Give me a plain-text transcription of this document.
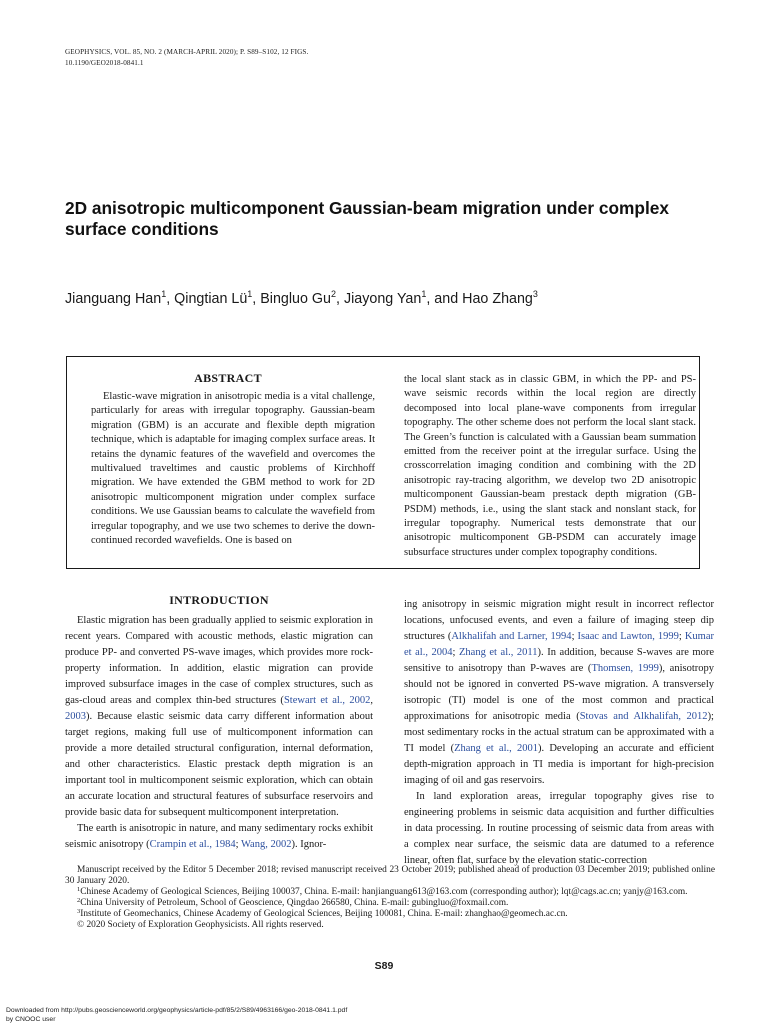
GEOPHYSICS, VOL. 85, NO. 2 (MARCH-APRIL 2020); P. S89–S102, 12 FIGS.
10.1190/GEO2018-0841.1
2D anisotropic multicomponent Gaussian-beam migration under complex surface conditions
Jianguang Han$^1$, Qingtian $Lü^1$, Bingluo Gu$^2$, Jiayong Yan$^1$, and Hao Zhang$^3$
ABSTRACT
Elastic-wave migration in anisotropic media is a vital challenge, particularly for areas with irregular topography. Gaussian-beam migration (GBM) is an accurate and flexible depth migration technique, which is adaptable for imaging complex surface areas. It retains the dynamic features of the wavefield and overcomes the multivalued traveltimes and caustic problems of Kirchhoff migration. We have extended the GBM method to work for 2D anisotropic multicomponent migration under complex surface conditions. We use Gaussian beams to calculate the wavefield from irregular topography, and we use two schemes to derive the down-continued recorded wavefields. One is based on
the local slant stack as in classic GBM, in which the PP- and PS-wave seismic records within the local region are directly decomposed into local plane-wave components from irregular topography. The other scheme does not perform the local slant stack. The Green’s function is calculated with a Gaussian beam summation emitted from the receiver point at the irregular surface. Using the crosscorrelation imaging condition and combining with the 2D anisotropic ray-tracing algorithm, we develop two 2D anisotropic multicomponent Gaussian-beam prestack depth migration (GB-PSDM) methods, i.e., using the slant stack and nonslant stack, for irregular topography. Numerical tests demonstrate that our anisotropic multicomponent GB-PSDM can accurately image subsurface structures under complex topography conditions.
INTRODUCTION

Elastic migration has been gradually applied to seismic exploration in recent years. Compared with acoustic methods, elastic migration can produce PP- and converted PS-wave images, which provides more rock-property information. In addition, elastic migration can provide improved subsurface images in the case of complex structures, such as gas-cloud areas and complex thin-bed structures (Stewart et al., 2002, 2003). Because elastic seismic data carry different information about target regions, making full use of multicomponent information can provide a more detailed structural configuration, internal deformation, and other characteristics. Elastic prestack depth migration is an important tool in multicomponent seismic exploration, which can obtain an accurate location and structural features of subsurface reservoirs and provide basic data for subsequent multicomponent interpretation.

The earth is anisotropic in nature, and many sedimentary rocks exhibit seismic anisotropy (Crampin et al., 1984; Wang, 2002). Ignor-

ing anisotropy in seismic migration might result in incorrect reflector locations, unfocused events, and even a failure of imaging steep dip structures (Alkhalifah and Larner, 1994; Isaac and Lawton, 1999; Kumar et al., 2004; Zhang et al., 2011). In addition, because S-waves are more sensitive to anisotropy than P-waves are (Thomsen, 1999), anisotropy should not be ignored in converted PS-wave migration. A transversely isotropic (TI) model is one of the most common and practical approximations for anisotropic media (Stovas and Alkhalifah, 2012); most sedimentary rocks in the actual stratum can be approximated with a TI model (Zhang et al., 2001). Developing an accurate and efficient depth-migration approach in TI media is important for high-precision imaging of oil and gas reservoirs.

In land exploration areas, irregular topography gives rise to engineering problems in seismic data acquisition and further difficulties in data processing. In routine processing of seismic data from areas with a complex near surface, the seismic data are datumed to a reference linear, often flat, surface by the elevation static-correction

Manuscript received by the Editor 5 December 2018; revised manuscript received 23 October 2019; published ahead of production 03 December 2019; published online 30 January 2020.

$^1$Chinese Academy of Geological Sciences, Beijing 100037, China. E-mail: hanjianguang613@163.com (corresponding author); lqt@cags.ac.cn; yanjy@163.com.

$^2$China University of Petroleum, School of Geoscience, Qingdao 266580, China. E-mail: gubingluo@foxmail.com.

$^3$Institute of Geomechanics, Chinese Academy of Geological Sciences, Beijing 100081, China. E-mail: zhanghao@geomech.ac.cn.

© 2020 Society of Exploration Geophysicists. All rights reserved.

S89
Downloaded from http://pubs.geoscienceworld.org/geophysics/article-pdf/85/2/S89/4963166/geo-2018-0841.1.pdf
by CNOOC user
